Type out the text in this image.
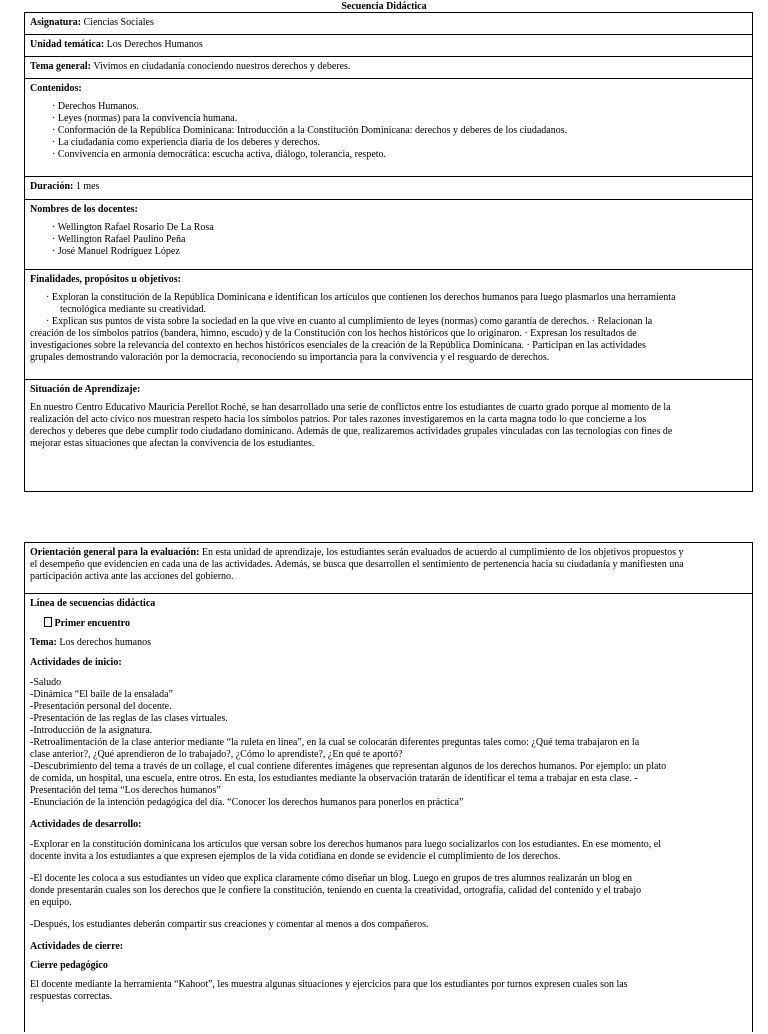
Secuencia Didáctica
Asignatura: Ciencias Sociales
Unidad temática: Los Derechos Humanos
Tema general: Vivimos en ciudadanía conociendo nuestros derechos y deberes.
Contenidos:
· Derechos Humanos.
· Leyes (normas) para la convivencia humana.
· Conformación de la República Dominicana: Introducción a la Constitución Dominicana: derechos y deberes de los ciudadanos.
· La ciudadanía como experiencia diaria de los deberes y derechos.
· Convivencia en armonía democrática: escucha activa, diálogo, tolerancia, respeto.
Duración: 1 mes
Nombres de los docentes:
· Wellington Rafael Rosario De La Rosa
· Wellington Rafael Paulino Peña
· José Manuel Rodríguez López
Finalidades, propósitos u objetivos:

· Exploran la constitución de la República Dominicana e identifican los artículos que contienen los derechos humanos para luego plasmarlos una herramienta

tecnológica mediante su creatividad.

· Explican sus puntos de vista sobre la sociedad en la que vive en cuanto al cumplimiento de leyes (normas) como garantía de derechos. · Relacionan la

creación de los símbolos patrios (bandera, himno, escudo) y de la Constitución con los hechos históricos que lo originaron. · Expresan los resultados de

investigaciones sobre la relevancia del contexto en hechos históricos esenciales de la creación de la República Dominicana. · Participan en las actividades

grupales demostrando valoración por la democracia, reconociendo su importancia para la convivencia y el resguardo de derechos.

Situación de Aprendizaje:

En nuestro Centro Educativo Mauricia Perellot Roché, se han desarrollado una serie de conflictos entre los estudiantes de cuarto grado porque al momento de la

realización del acto cívico nos muestran respeto hacia los símbolos patrios. Por tales razones investigaremos en la carta magna todo lo que concierne a los

derechos y deberes que debe cumplir todo ciudadano dominicano. Además de que, realizaremos actividades grupales vinculadas con las tecnologías con fines de

mejorar estas situaciones que afectan la convivencia de los estudiantes.

Orientación general para la evaluación: En esta unidad de aprendizaje, los estudiantes serán evaluados de acuerdo al cumplimiento de los objetivos propuestos y

el desempeño que evidencien en cada una de las actividades. Además, se busca que desarrollen el sentimiento de pertenencia hacia su ciudadanía y manifiesten una

participación activa ante las acciones del gobierno.

Línea de secuencias didáctica
Primer encuentro
Tema: Los derechos humanos
Actividades de inicio:

-Saludo

-Dinámica “El baile de la ensalada”

-Presentación personal del docente.

-Presentación de las reglas de las clases virtuales.

-Introducción de la asignatura.

-Retroalimentación de la clase anterior mediante “la ruleta en línea”, en la cual se colocarán diferentes preguntas tales como: ¿Qué tema trabajaron en la

clase anterior?, ¿Qué aprendieron de lo trabajado?, ¿Cómo lo aprendiste?, ¿En qué te aportó?

-Descubrimiento del tema a través de un collage, el cual contiene diferentes imágenes que representan algunos de los derechos humanos. Por ejemplo: un plato

de comida, un hospital, una escuela, entre otros. En esta, los estudiantes mediante la observación tratarán de identificar el tema a trabajar en esta clase. -

Presentación del tema “Los derechos humanos”

-Enunciación de la intención pedagógica del día. “Conocer los derechos humanos para ponerlos en práctica”

Actividades de desarrollo:

-Explorar en la constitución dominicana los artículos que versan sobre los derechos humanos para luego socializarlos con los estudiantes. En ese momento, el

docente invita a los estudiantes a que expresen ejemplos de la vida cotidiana en donde se evidencie el cumplimiento de los derechos.

-El docente les coloca a sus estudiantes un video que explica claramente cómo diseñar un blog. Luego en grupos de tres alumnos realizarán un blog en

donde presentarán cuales son los derechos que le confiere la constitución, teniendo en cuenta la creatividad, ortografía, calidad del contenido y el trabajo

en equipo.

-Después, los estudiantes deberán compartir sus creaciones y comentar al menos a dos compañeros.

Actividades de cierre:
Cierre pedagógico

El docente mediante la herramienta “Kahoot”, les muestra algunas situaciones y ejercicios para que los estudiantes por turnos expresen cuales son las

respuestas correctas.
